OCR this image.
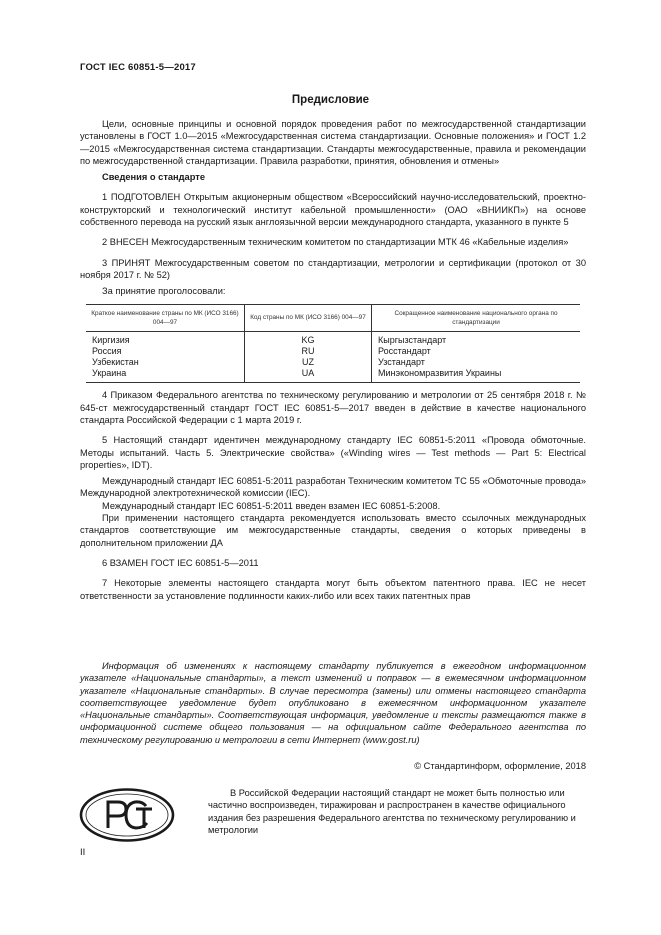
ГОСТ IEC 60851-5—2017
Предисловие

Цели, основные принципы и основной порядок проведения работ по межгосударственной стандартизации установлены в ГОСТ 1.0—2015 «Межгосударственная система стандартизации. Основные положения» и ГОСТ 1.2—2015 «Межгосударственная система стандартизации. Стандарты межгосударственные, правила и рекомендации по межгосударственной стандартизации. Правила разработки, принятия, обновления и отмены»

Сведения о стандарте

1 ПОДГОТОВЛЕН Открытым акционерным обществом «Всероссийский научно-исследовательский, проектно-конструкторский и технологический институт кабельной промышленности» (ОАО «ВНИИКП») на основе собственного перевода на русский язык англоязычной версии международного стандарта, указанного в пункте 5

2 ВНЕСЕН Межгосударственным техническим комитетом по стандартизации МТК 46 «Кабельные изделия»

3 ПРИНЯТ Межгосударственным советом по стандартизации, метрологии и сертификации (протокол от 30 ноября 2017 г. № 52)

За принятие проголосовали:

Краткое наименование страны по МК (ИСО 3166) 004—97	Код страны по МК (ИСО 3166) 004—97	Сокращенное наименование национального органа по стандартизации
Киргизия	KG	Кыргызстандарт
Россия	RU	Росстандарт
Узбекистан	UZ	Узстандарт
Украина	UA	Минэкономразвития Украины

4 Приказом Федерального агентства по техническому регулированию и метрологии от 25 сентября 2018 г. № 645-ст межгосударственный стандарт ГОСТ IEC 60851-5—2017 введен в действие в качестве национального стандарта Российской Федерации с 1 марта 2019 г.

5 Настоящий стандарт идентичен международному стандарту IEC 60851-5:2011 «Провода обмоточные. Методы испытаний. Часть 5. Электрические свойства» («Winding wires — Test methods — Part 5: Electrical properties», IDT).

Международный стандарт IEC 60851-5:2011 разработан Техническим комитетом ТС 55 «Обмоточные провода» Международной электротехнической комиссии (IEC).

Международный стандарт IEC 60851-5:2011 введен взамен IEC 60851-5:2008.

При применении настоящего стандарта рекомендуется использовать вместо ссылочных международных стандартов соответствующие им межгосударственные стандарты, сведения о которых приведены в дополнительном приложении ДА

6 ВЗАМЕН ГОСТ IEC 60851-5—2011

7 Некоторые элементы настоящего стандарта могут быть объектом патентного права. IEC не несет ответственности за установление подлинности каких-либо или всех таких патентных прав

Информация об изменениях к настоящему стандарту публикуется в ежегодном информационном указателе «Национальные стандарты», а текст изменений и поправок — в ежемесячном информационном указателе «Национальные стандарты». В случае пересмотра (замены) или отмены настоящего стандарта соответствующее уведомление будет опубликовано в ежемесячном информационном указателе «Национальные стандарты». Соответствующая информация, уведомление и тексты размещаются также в информационной системе общего пользования — на официальном сайте Федерального агентства по техническому регулированию и метрологии в сети Интернет (www.gost.ru)

© Стандартинформ, оформление, 2018

В Российской Федерации настоящий стандарт не может быть полностью или частично воспроизведен, тиражирован и распространен в качестве официального издания без разрешения Федерального агентства по техническому регулированию и метрологии

II
